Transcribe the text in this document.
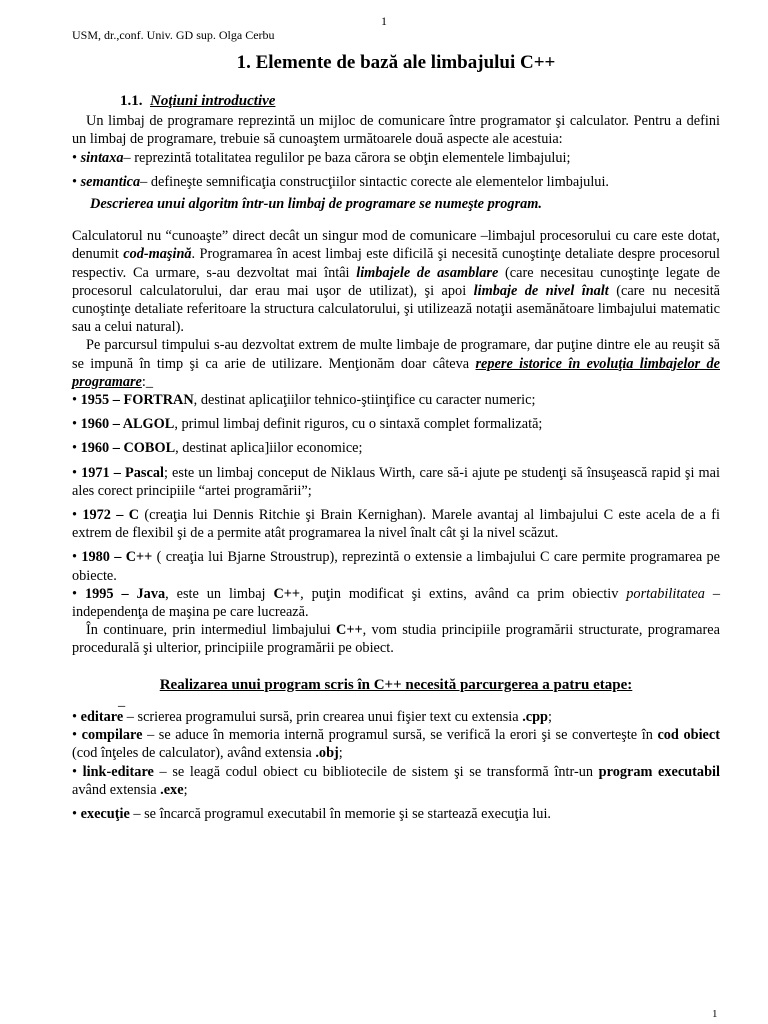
1
USM, dr.,conf. Univ. GD sup. Olga Cerbu
1. Elemente de bază ale limbajului C++
1.1. Noţiuni introductive

Un limbaj de programare reprezintă un mijloc de comunicare între programator şi calculator. Pentru a defini un limbaj de programare, trebuie să cunoaştem următoarele două aspecte ale acestuia:

• sintaxa– reprezintă totalitatea regulilor pe baza cărora se obţin elementele limbajului;

• semantica– defineşte semnificaţia construcţiilor sintactic corecte ale elementelor limbajului.

Descrierea unui algoritm într-un limbaj de programare se numeşte program.

Calculatorul nu “cunoaşte” direct decât un singur mod de comunicare –limbajul procesorului cu care este dotat, denumit cod-maşină. Programarea în acest limbaj este dificilă şi necesită cunoştinţe detaliate despre procesorul respectiv. Ca urmare, s-au dezvoltat mai întâi limbajele de asamblare (care necesitau cunoştinţe legate de procesorul calculatorului, dar erau mai uşor de utilizat), şi apoi limbaje de nivel înalt (care nu necesită cunoştinţe detaliate referitoare la structura calculatorului, şi utilizează notaţii asemănătoare limbajului matematic sau a celui natural).

Pe parcursul timpului s-au dezvoltat extrem de multe limbaje de programare, dar puţine dintre ele au reuşit să se impună în timp şi ca arie de utilizare. Menţionăm doar câteva repere istorice în evoluţia limbajelor de programare:_

• 1955 – FORTRAN, destinat aplicaţiilor tehnico-ştiinţifice cu caracter numeric;

• 1960 – ALGOL, primul limbaj definit riguros, cu o sintaxă complet formalizată;

• 1960 – COBOL, destinat aplica]iilor economice;

• 1971 – Pascal; este un limbaj conceput de Niklaus Wirth, care să-i ajute pe studenţi să însuşească rapid şi mai ales corect principiile “artei programării”;

• 1972 – C (creaţia lui Dennis Ritchie şi Brain Kernighan). Marele avantaj al limbajului C este acela de a fi extrem de flexibil şi de a permite atât programarea la nivel înalt cât şi la nivel scăzut.

• 1980 – C++ ( creaţia lui Bjarne Stroustrup), reprezintă o extensie a limbajului C care permite programarea pe obiecte.

• 1995 – Java, este un limbaj C++, puţin modificat şi extins, având ca prim obiectiv portabilitatea –independenţa de maşina pe care lucrează.

În continuare, prin intermediul limbajului C++, vom studia principiile programării structurate, programarea procedurală şi ulterior, principiile programării pe obiect.

Realizarea unui program scris în C++ necesită parcurgerea a patru etape:
_

• editare – scrierea programului sursă, prin crearea unui fişier text cu extensia .cpp;

• compilare – se aduce în memoria internă programul sursă, se verifică la erori şi se converteşte în cod obiect (cod înţeles de calculator), având extensia .obj;

• link-editare – se leagă codul obiect cu bibliotecile de sistem şi se transformă într-un program executabil având extensia .exe;

• execuţie – se încarcă programul executabil în memorie şi se startează execuţia lui.

1
